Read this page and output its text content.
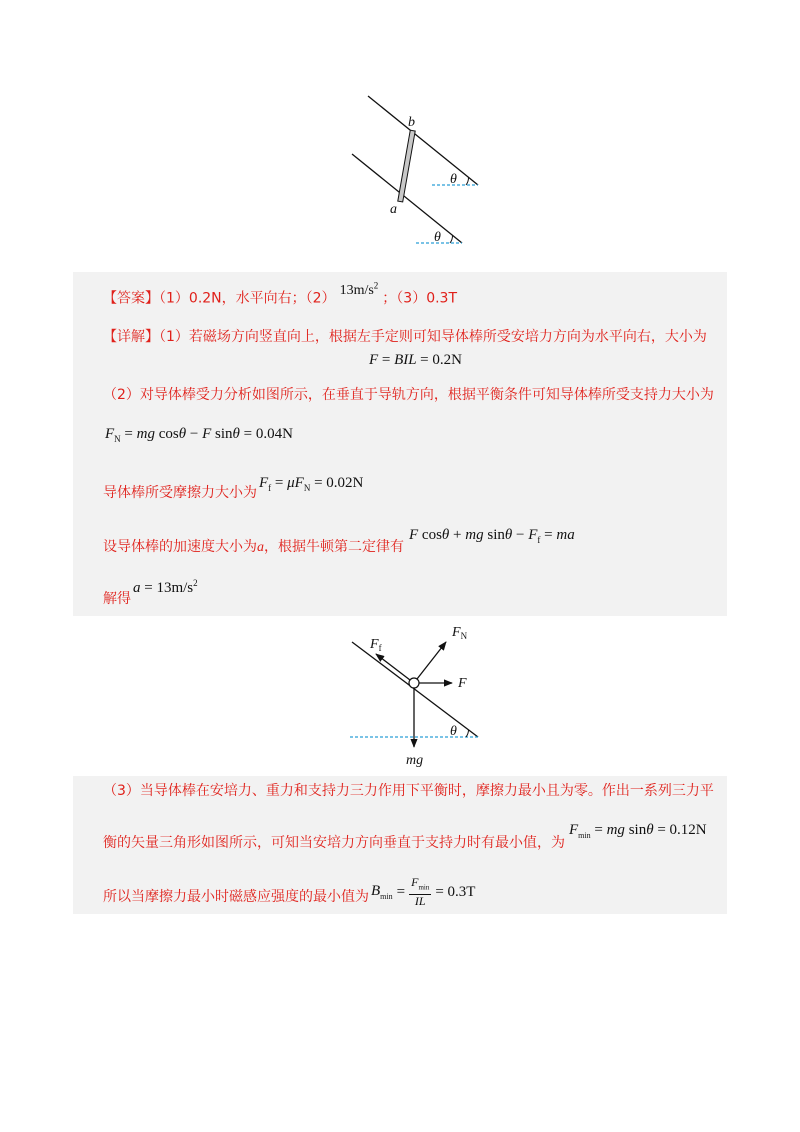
b
a
θ
θ
【答案】（1）0.2N，水平向右；$(2)13m/s^2$；（3）0.3T
【详解】（1）若磁场方向竖直向上，根据左手定则可知导体棒所受安培力方向为水平向右，大小为
F = BIL = 0.2N
（2）对导体棒受力分析如图所示，在垂直于导轨方向，根据平衡条件可知导体棒所受支持力大小为
$F_N$ = mg cosθ − F sinθ = 0.04N
导体棒所受摩擦力大小为
$F_f = \mu F_N = 0.02N$
设导体棒的加速度大小为a，根据牛顿第二定律有
F cosθ + mg $\sin\theta - F_f$ = ma
解得
$a = 13m/s^2$
$F_f$
$F_N$
F
mg
θ
（3）当导体棒在安培力、重力和支持力三力作用下平衡时，摩擦力最小且为零。作出一系列三力平
衡的矢量三角形如图所示，可知当安培力方向垂直于支持力时有最小值，为
$F_{min}$ = mg sinθ = 0.12N
所以当摩擦力最小时磁感应强度的最小值为 $B_{min}$ =
$F_{min}$
IL
= 0.3T
